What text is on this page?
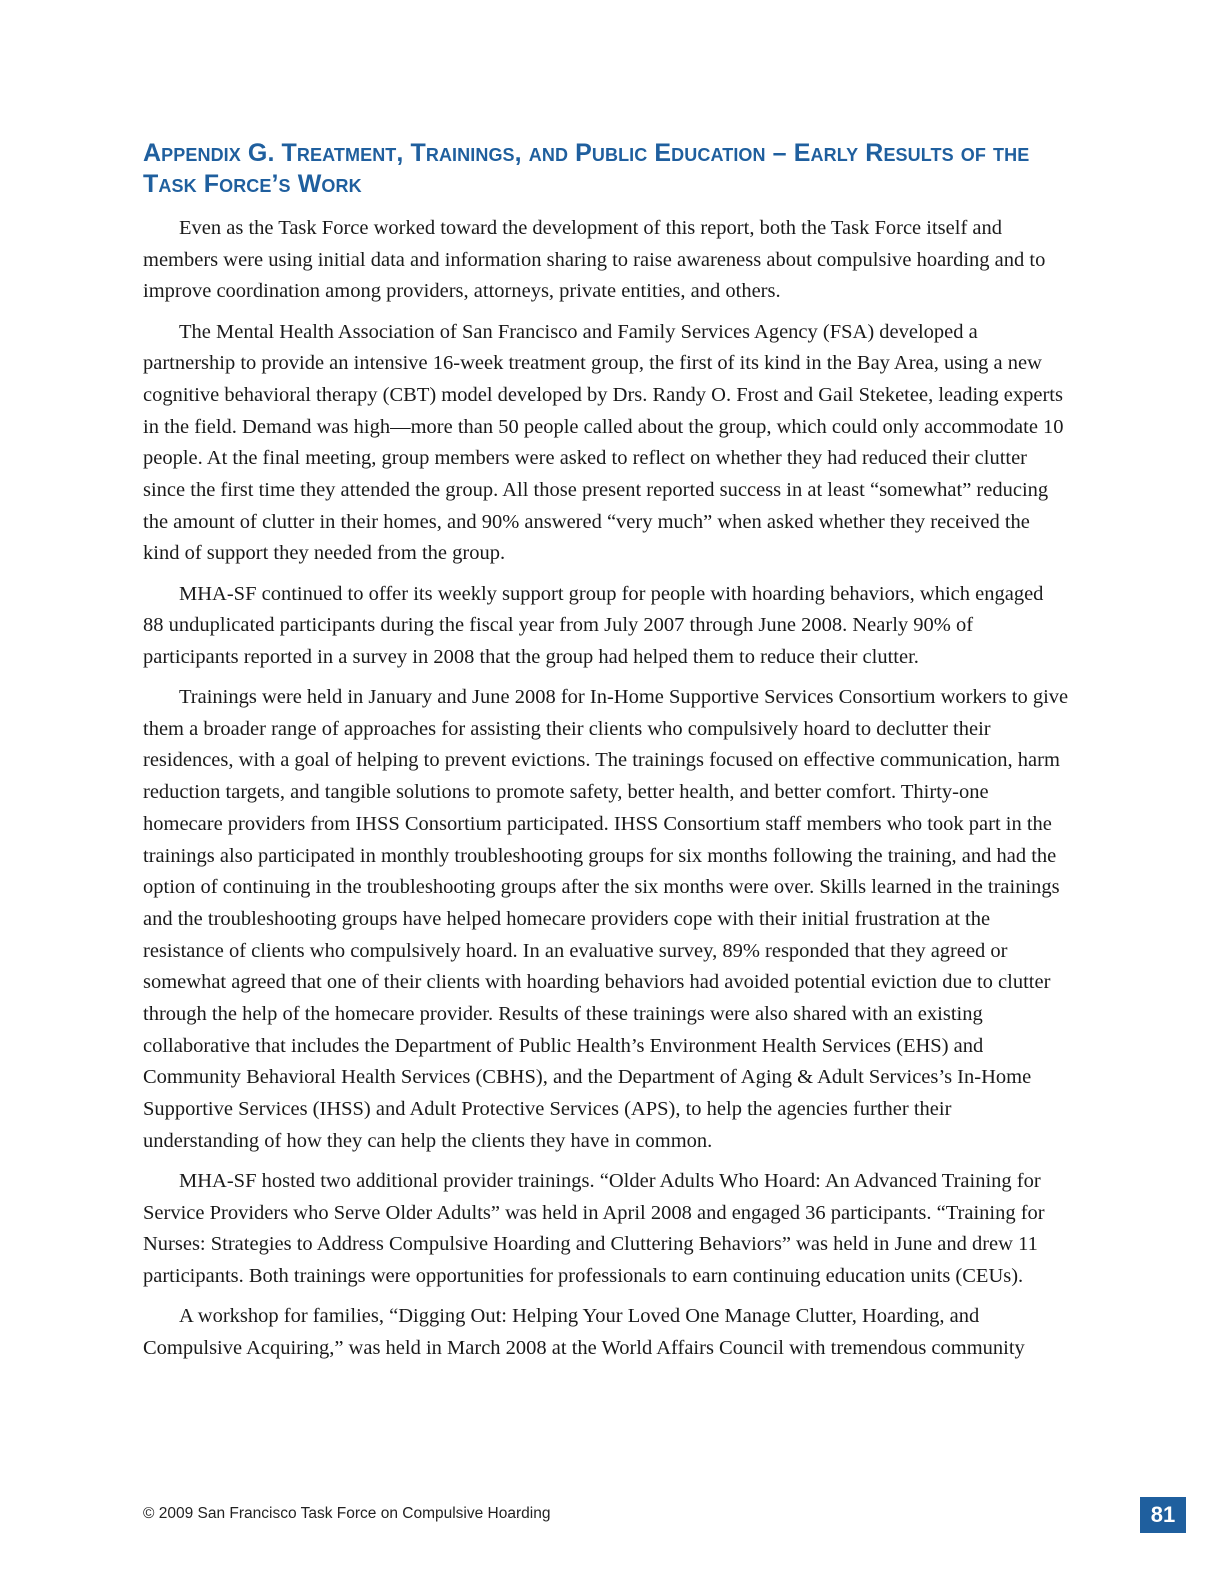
Appendix G. Treatment, Trainings, and Public Education – Early Results of the Task Force’s Work

Even as the Task Force worked toward the development of this report, both the Task Force itself and members were using initial data and information sharing to raise awareness about compulsive hoarding and to improve coordination among providers, attorneys, private entities, and others.

The Mental Health Association of San Francisco and Family Services Agency (FSA) developed a partnership to provide an intensive 16-week treatment group, the first of its kind in the Bay Area, using a new cognitive behavioral therapy (CBT) model developed by Drs. Randy O. Frost and Gail Steketee, leading experts in the field. Demand was high—more than 50 people called about the group, which could only accommodate 10 people. At the final meeting, group members were asked to reflect on whether they had reduced their clutter since the first time they attended the group. All those present reported success in at least “somewhat” reducing the amount of clutter in their homes, and 90% answered “very much” when asked whether they received the kind of support they needed from the group.

MHA-SF continued to offer its weekly support group for people with hoarding behaviors, which engaged 88 unduplicated participants during the fiscal year from July 2007 through June 2008. Nearly 90% of participants reported in a survey in 2008 that the group had helped them to reduce their clutter.

Trainings were held in January and June 2008 for In-Home Supportive Services Consortium workers to give them a broader range of approaches for assisting their clients who compulsively hoard to declutter their residences, with a goal of helping to prevent evictions. The trainings focused on effective communication, harm reduction targets, and tangible solutions to promote safety, better health, and better comfort. Thirty-one homecare providers from IHSS Consortium participated. IHSS Consortium staff members who took part in the trainings also participated in monthly troubleshooting groups for six months following the training, and had the option of continuing in the troubleshooting groups after the six months were over. Skills learned in the trainings and the troubleshooting groups have helped homecare providers cope with their initial frustration at the resistance of clients who compulsively hoard. In an evaluative survey, 89% responded that they agreed or somewhat agreed that one of their clients with hoarding behaviors had avoided potential eviction due to clutter through the help of the homecare provider. Results of these trainings were also shared with an existing collaborative that includes the Department of Public Health’s Environment Health Services (EHS) and Community Behavioral Health Services (CBHS), and the Department of Aging & Adult Services’s In-Home Supportive Services (IHSS) and Adult Protective Services (APS), to help the agencies further their understanding of how they can help the clients they have in common.

MHA-SF hosted two additional provider trainings. “Older Adults Who Hoard: An Advanced Training for Service Providers who Serve Older Adults” was held in April 2008 and engaged 36 participants. “Training for Nurses: Strategies to Address Compulsive Hoarding and Cluttering Behaviors” was held in June and drew 11 participants. Both trainings were opportunities for professionals to earn continuing education units (CEUs).

A workshop for families, “Digging Out: Helping Your Loved One Manage Clutter, Hoarding, and Compulsive Acquiring,” was held in March 2008 at the World Affairs Council with tremendous community

© 2009 San Francisco Task Force on Compulsive Hoarding	81
